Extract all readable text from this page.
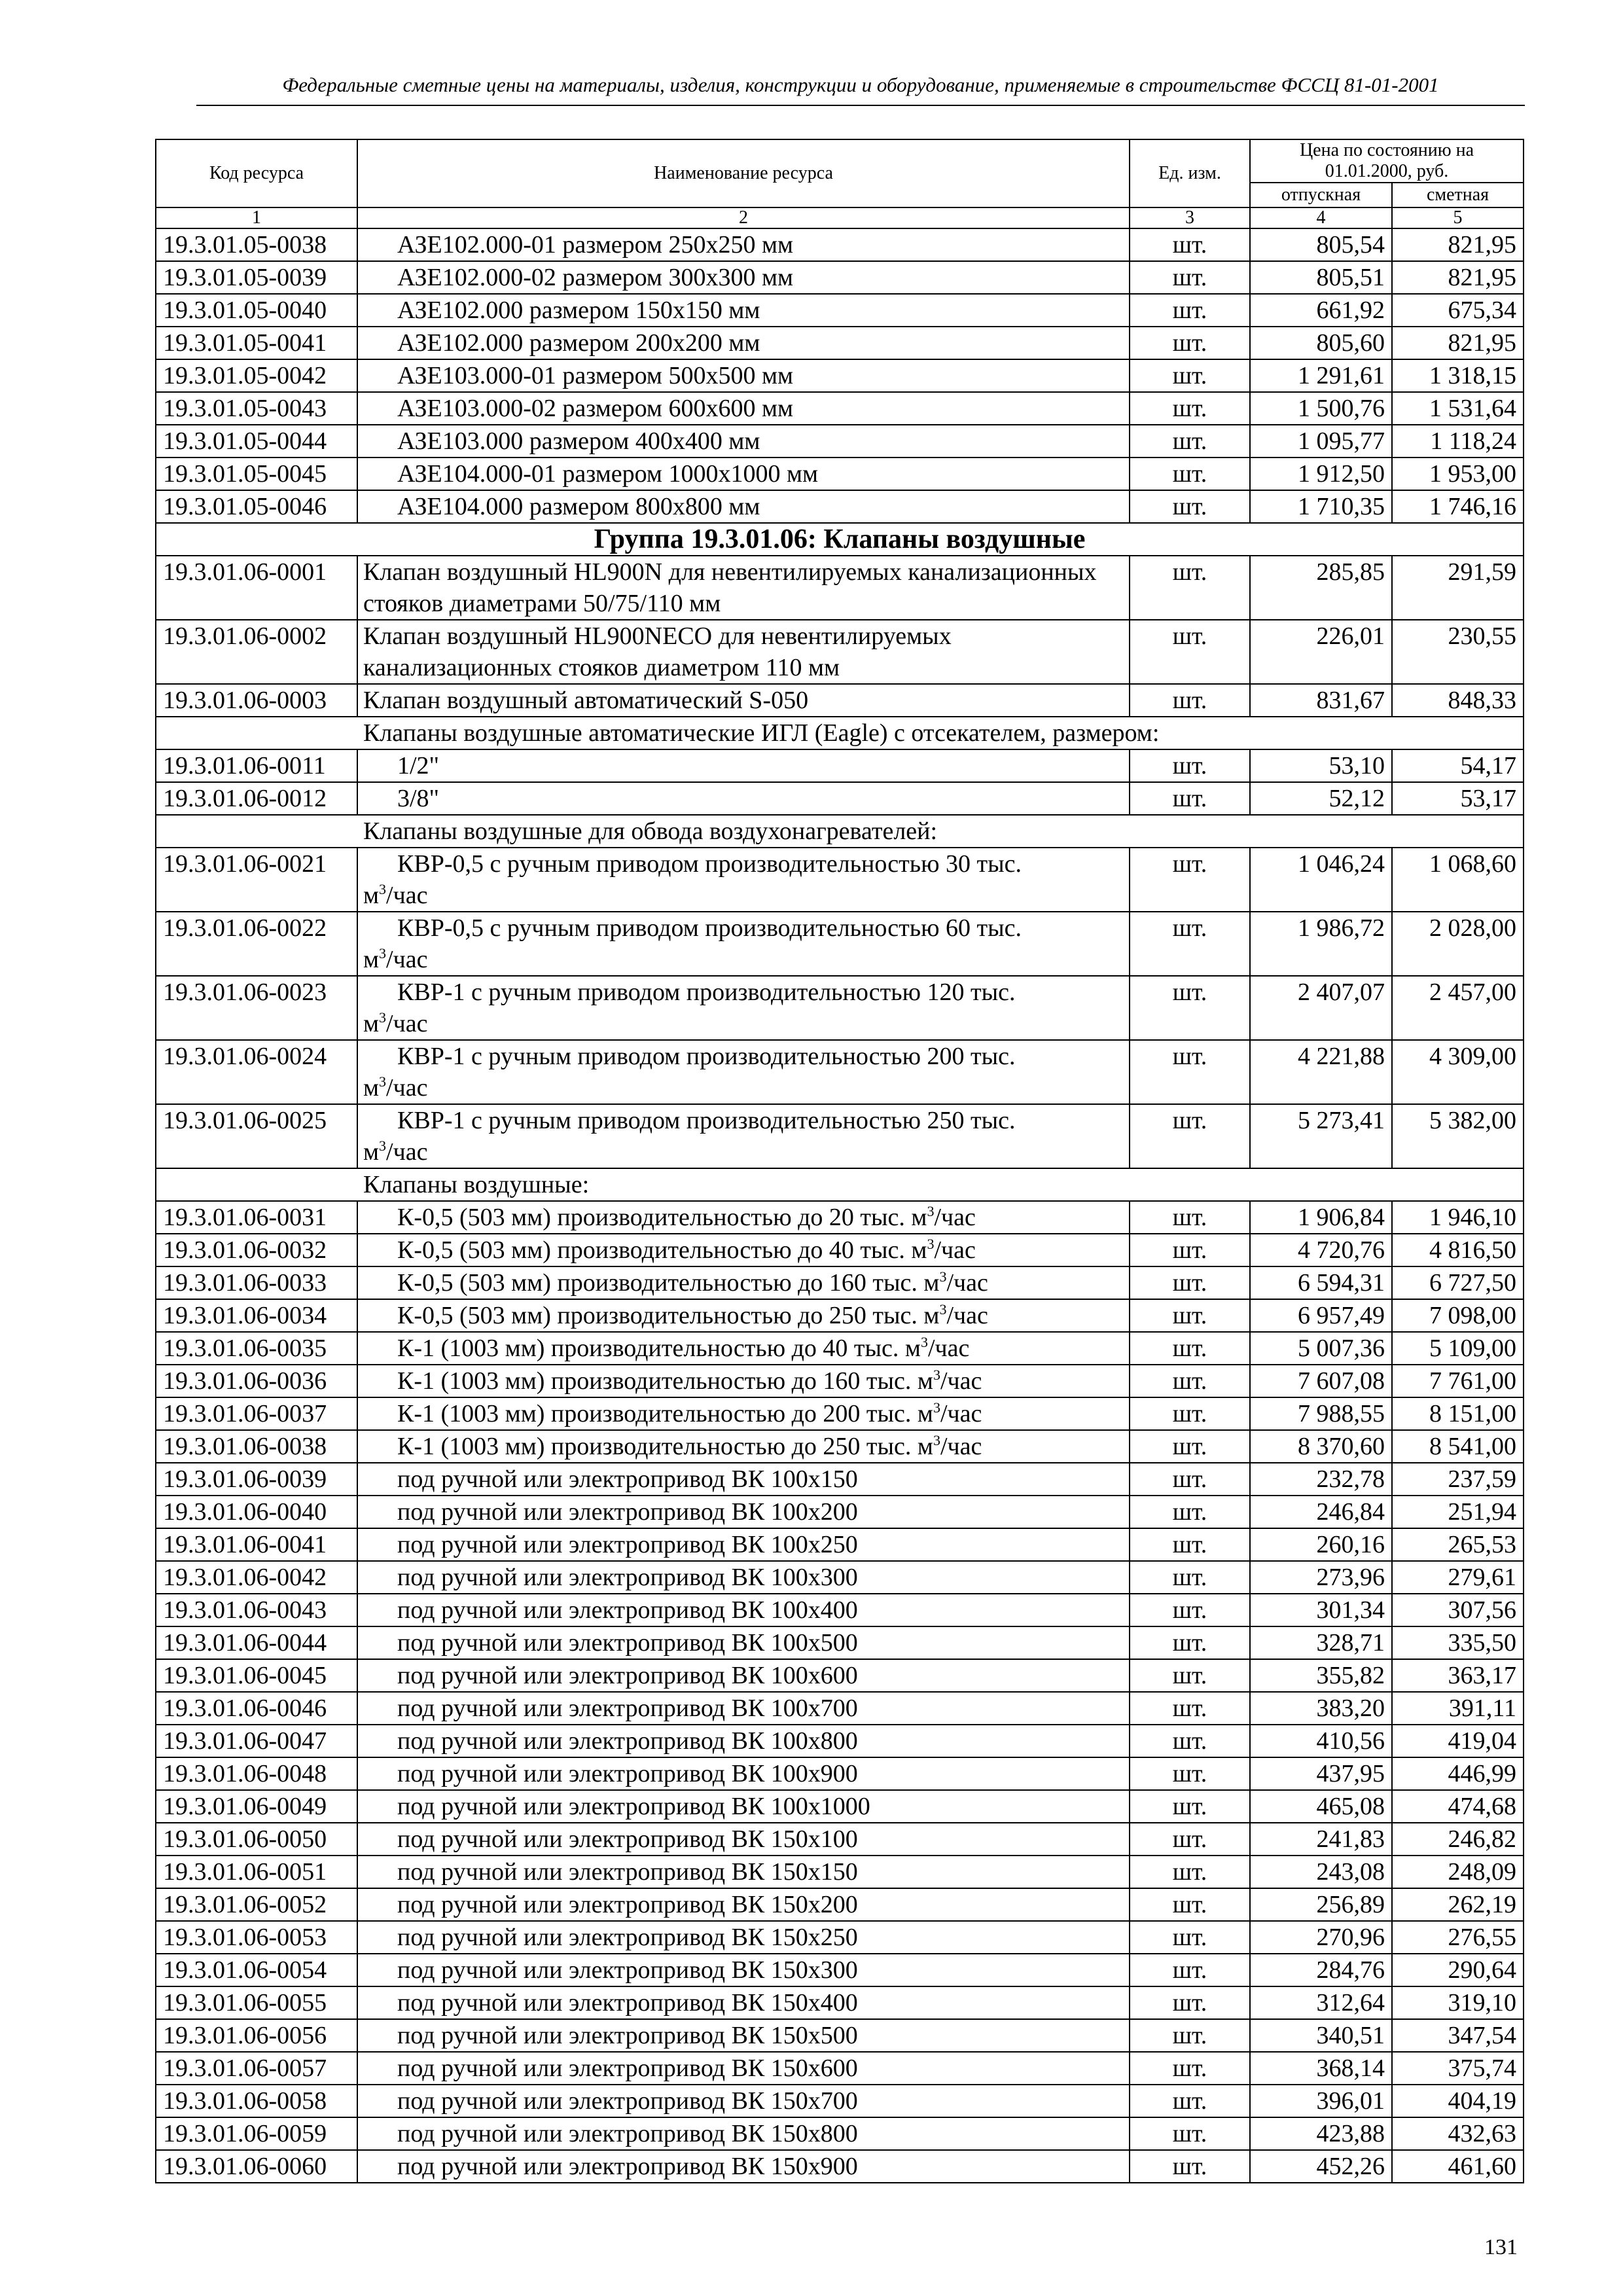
Федеральные сметные цены на материалы, изделия, конструкции и оборудование, применяемые в строительстве ФССЦ 81-01-2001
Код ресурса	Наименование ресурса	Ед. изм.	Цена по состоянию на 01.01.2000, руб.	
			отпускная	сметная
1	2	3	4	5
19.3.01.05-0038	АЗЕ102.000-01 размером 250х250 мм	шт.	805,54	821,95
19.3.01.05-0039	АЗЕ102.000-02 размером 300х300 мм	шт.	805,51	821,95
19.3.01.05-0040	АЗЕ102.000 размером 150х150 мм	шт.	661,92	675,34
19.3.01.05-0041	АЗЕ102.000 размером 200х200 мм	шт.	805,60	821,95
19.3.01.05-0042	АЗЕ103.000-01 размером 500х500 мм	шт.	1 291,61	1 318,15
19.3.01.05-0043	АЗЕ103.000-02 размером 600х600 мм	шт.	1 500,76	1 531,64
19.3.01.05-0044	АЗЕ103.000 размером 400х400 мм	шт.	1 095,77	1 118,24
19.3.01.05-0045	АЗЕ104.000-01 размером 1000х1000 мм	шт.	1 912,50	1 953,00
19.3.01.05-0046	АЗЕ104.000 размером 800х800 мм	шт.	1 710,35	1 746,16
Группа 19.3.01.06: Клапаны воздушные				
19.3.01.06-0001	Клапан воздушный HL900N для невентилируемых канализационных стояков диаметрами 50/75/110 мм	шт.	285,85	291,59
19.3.01.06-0002	Клапан воздушный HL900NECO для невентилируемых канализационных стояков диаметром 110 мм	шт.	226,01	230,55
19.3.01.06-0003	Клапан воздушный автоматический S-050	шт.	831,67	848,33
Клапаны воздушные автоматические ИГЛ (Eagle) с отсекателем, размером:				
19.3.01.06-0011	1/2"	шт.	53,10	54,17
19.3.01.06-0012	3/8"	шт.	52,12	53,17
Клапаны воздушные для обвода воздухонагревателей:				
19.3.01.06-0021	КВР-0,5 с ручным приводом производительностью 30 тыс.
$м^3$/час	шт.	1 046,24	1 068,60
19.3.01.06-0022	КВР-0,5 с ручным приводом производительностью 60 тыс.
$м^3$/час	шт.	1 986,72	2 028,00
19.3.01.06-0023	КВР-1 с ручным приводом производительностью 120 тыс.
$м^3$/час	шт.	2 407,07	2 457,00
19.3.01.06-0024	КВР-1 с ручным приводом производительностью 200 тыс.
$м^3$/час	шт.	4 221,88	4 309,00
19.3.01.06-0025	КВР-1 с ручным приводом производительностью 250 тыс.
$м^3$/час	шт.	5 273,41	5 382,00
Клапаны воздушные:				
19.3.01.06-0031	К-0,5 (503 мм) производительностью до 20 тыс. $м^3$/час	шт.	1 906,84	1 946,10
19.3.01.06-0032	К-0,5 (503 мм) производительностью до 40 тыс. $м^3$/час	шт.	4 720,76	4 816,50
19.3.01.06-0033	К-0,5 (503 мм) производительностью до 160 тыс. $м^3$/час	шт.	6 594,31	6 727,50
19.3.01.06-0034	К-0,5 (503 мм) производительностью до 250 тыс. $м^3$/час	шт.	6 957,49	7 098,00
19.3.01.06-0035	К-1 (1003 мм) производительностью до 40 тыс. $м^3$/час	шт.	5 007,36	5 109,00
19.3.01.06-0036	К-1 (1003 мм) производительностью до 160 тыс. $м^3$/час	шт.	7 607,08	7 761,00
19.3.01.06-0037	К-1 (1003 мм) производительностью до 200 тыс. $м^3$/час	шт.	7 988,55	8 151,00
19.3.01.06-0038	К-1 (1003 мм) производительностью до 250 тыс. $м^3$/час	шт.	8 370,60	8 541,00
19.3.01.06-0039	под ручной или электропривод ВК 100х150	шт.	232,78	237,59
19.3.01.06-0040	под ручной или электропривод ВК 100х200	шт.	246,84	251,94
19.3.01.06-0041	под ручной или электропривод ВК 100х250	шт.	260,16	265,53
19.3.01.06-0042	под ручной или электропривод ВК 100х300	шт.	273,96	279,61
19.3.01.06-0043	под ручной или электропривод ВК 100х400	шт.	301,34	307,56
19.3.01.06-0044	под ручной или электропривод ВК 100х500	шт.	328,71	335,50
19.3.01.06-0045	под ручной или электропривод ВК 100х600	шт.	355,82	363,17
19.3.01.06-0046	под ручной или электропривод ВК 100х700	шт.	383,20	391,11
19.3.01.06-0047	под ручной или электропривод ВК 100х800	шт.	410,56	419,04
19.3.01.06-0048	под ручной или электропривод ВК 100х900	шт.	437,95	446,99
19.3.01.06-0049	под ручной или электропривод ВК 100х1000	шт.	465,08	474,68
19.3.01.06-0050	под ручной или электропривод ВК 150х100	шт.	241,83	246,82
19.3.01.06-0051	под ручной или электропривод ВК 150х150	шт.	243,08	248,09
19.3.01.06-0052	под ручной или электропривод ВК 150х200	шт.	256,89	262,19
19.3.01.06-0053	под ручной или электропривод ВК 150х250	шт.	270,96	276,55
19.3.01.06-0054	под ручной или электропривод ВК 150х300	шт.	284,76	290,64
19.3.01.06-0055	под ручной или электропривод ВК 150х400	шт.	312,64	319,10
19.3.01.06-0056	под ручной или электропривод ВК 150х500	шт.	340,51	347,54
19.3.01.06-0057	под ручной или электропривод ВК 150х600	шт.	368,14	375,74
19.3.01.06-0058	под ручной или электропривод ВК 150х700	шт.	396,01	404,19
19.3.01.06-0059	под ручной или электропривод ВК 150х800	шт.	423,88	432,63
19.3.01.06-0060	под ручной или электропривод ВК 150х900	шт.	452,26	461,60
131
